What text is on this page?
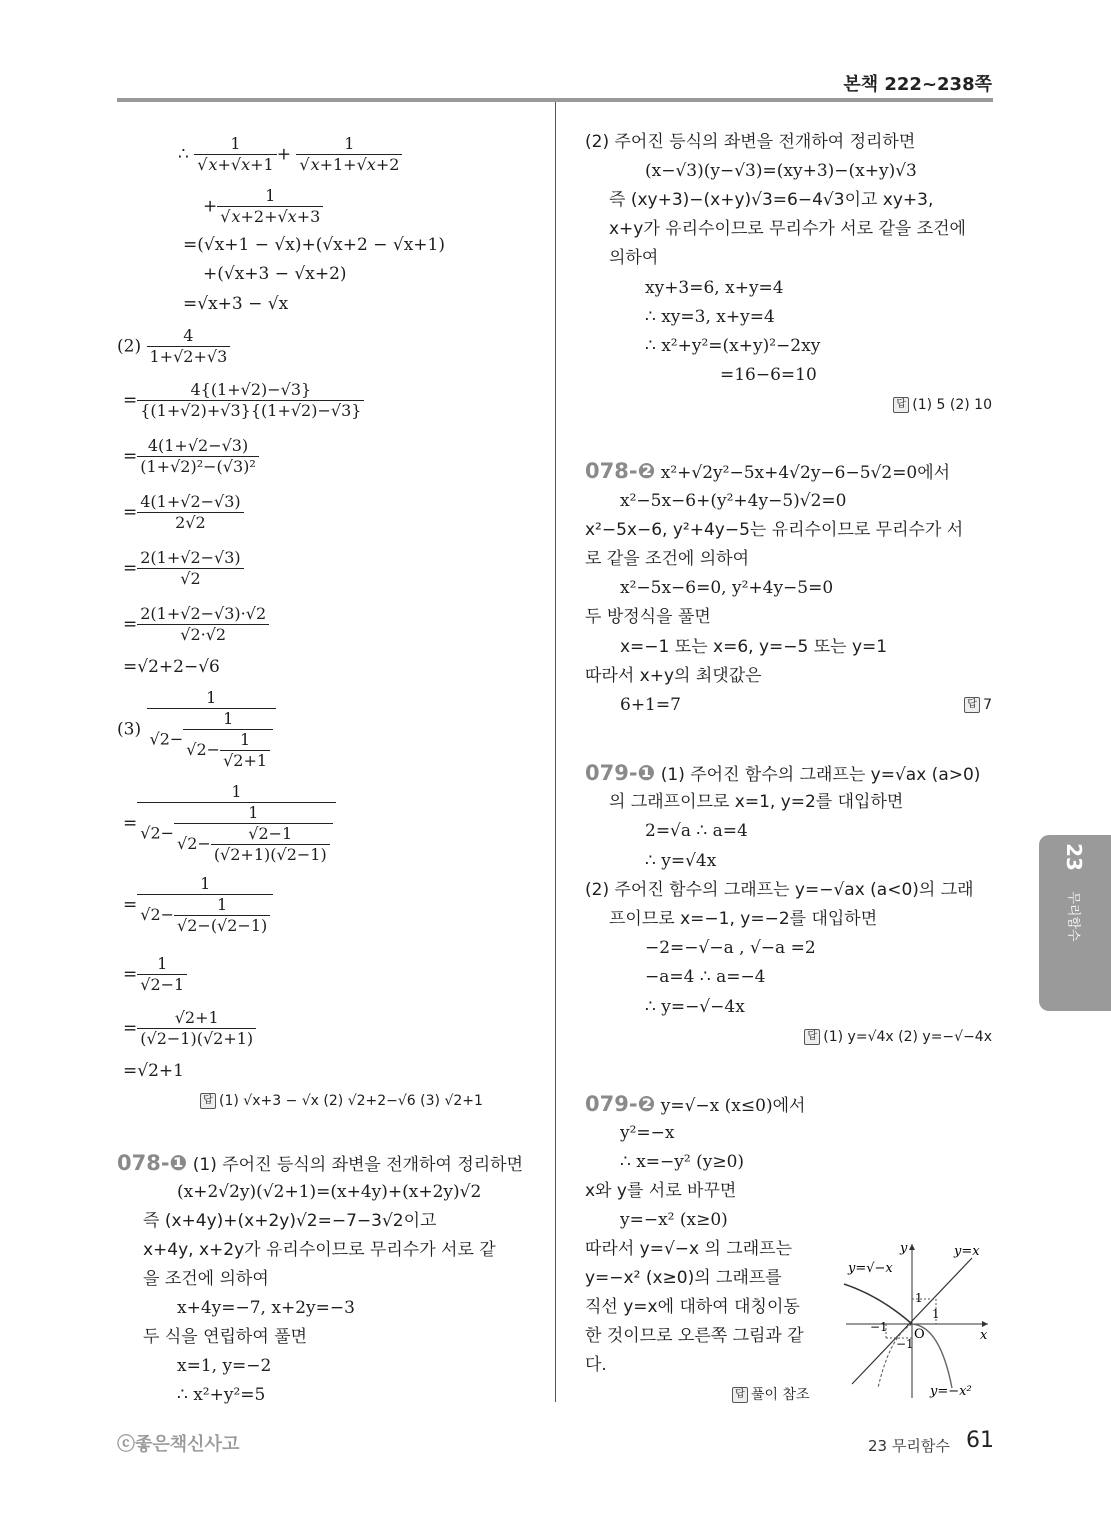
본책 222~238쪽
∴ $\frac{1}{√x+√x+1} + \frac{1}{√x+1+√x+2}$
+ $\frac{1}{√x+2+√x+3}$
=(√x+1 − √x)+(√x+2 − √x+1)
+(√x+3 − √x+2)
=√x+3 − √x
$(2) \frac{4}{1+√2+√3}$
= $\frac{4\{(1+√2)-√3\}}{\{(1+√2)+√3\}\{(1+√2)-√3\}}$
= $\frac{4(1+√2-√3)}{\text{(1+√2)²−(√3)²}}$
= $\frac{4(1+√2-√3)}{2√2}$
= $\frac{2(1+√2-√3)}{√2}$
= $\frac{2(1+√2-√3)\cdot√2}{√2\cdot√2}$
=√2+2−√6
$(3) \frac{1}{√2- \frac{1}{√2- \frac{1}{√2+1}}}$
= $\frac{1}{√2- \frac{1}{√2- \frac{√2-1}{(√2+1)(√2-1)}}}$
= $\frac{1}{√2- \frac{1}{√2-(√2-1)}}$
= $\frac{1}{√2-1}$
= $\frac{√2+1}{(√2-1)(√2+1)}$
=√2+1
답 (1) √x+3 − √x (2) √2+2−√6 (3) √2+1
078-❶ (1) 주어진 등식의 좌변을 전개하여 정리하면
(x+2√2y)(√2+1)=(x+4y)+(x+2y)√2
즉 (x+4y)+(x+2y)√2=−7−3√2이고
x+4y, x+2y가 유리수이므로 무리수가 서로 같
을 조건에 의하여
x+4y=−7, x+2y=−3
두 식을 연립하여 풀면
x=1, y=−2
∴ x²+y²=5
(2) 주어진 등식의 좌변을 전개하여 정리하면
(x−√3)(y−√3)=(xy+3)−(x+y)√3
즉 (xy+3)−(x+y)√3=6−4√3이고 xy+3,
x+y가 유리수이므로 무리수가 서로 같을 조건에
의하여
xy+3=6, x+y=4
∴ xy=3, x+y=4
∴ x²+y²=(x+y)²−2xy
=16−6=10
답 (1) 5 (2) 10
078-❷ x²+√2y²−5x+4√2y−6−5√2=0에서
x²−5x−6+(y²+4y−5)√2=0
x²−5x−6, y²+4y−5는 유리수이므로 무리수가 서
로 같을 조건에 의하여
x²−5x−6=0, y²+4y−5=0
두 방정식을 풀면
x=−1 또는 x=6, y=−5 또는 y=1
따라서 x+y의 최댓값은
6+1=7	답 7
079-❶ (1) 주어진 함수의 그래프는 y=√ax (a>0)
의 그래프이므로 x=1, y=2를 대입하면
2=√a ∴ a=4
∴ y=√4x
(2) 주어진 함수의 그래프는 y=−√ax (a<0)의 그래
프이므로 x=−1, y=−2를 대입하면
−2=−√−a , √−a =2
−a=4 ∴ a=−4
∴ y=−√−4x
답 (1) y=√4x (2) y=−√−4x
079-❷ y=√−x (x≤0)에서
y²=−x
∴ x=−y² (y≥0)
x와 y를 서로 바꾸면
y=−x² (x≥0)
따라서 y=√−x 의 그래프는
y=−x² (x≥0)의 그래프를
직선 y=x에 대하여 대칭이동
한 것이므로 오른쪽 그림과 같
다.
답 풀이 참조
y=√−x
y=x
y
x
O
1
1
−1
−1
y=−x²
23
무리함수
ⓒ좋은책신사고	23 무리함수 61
